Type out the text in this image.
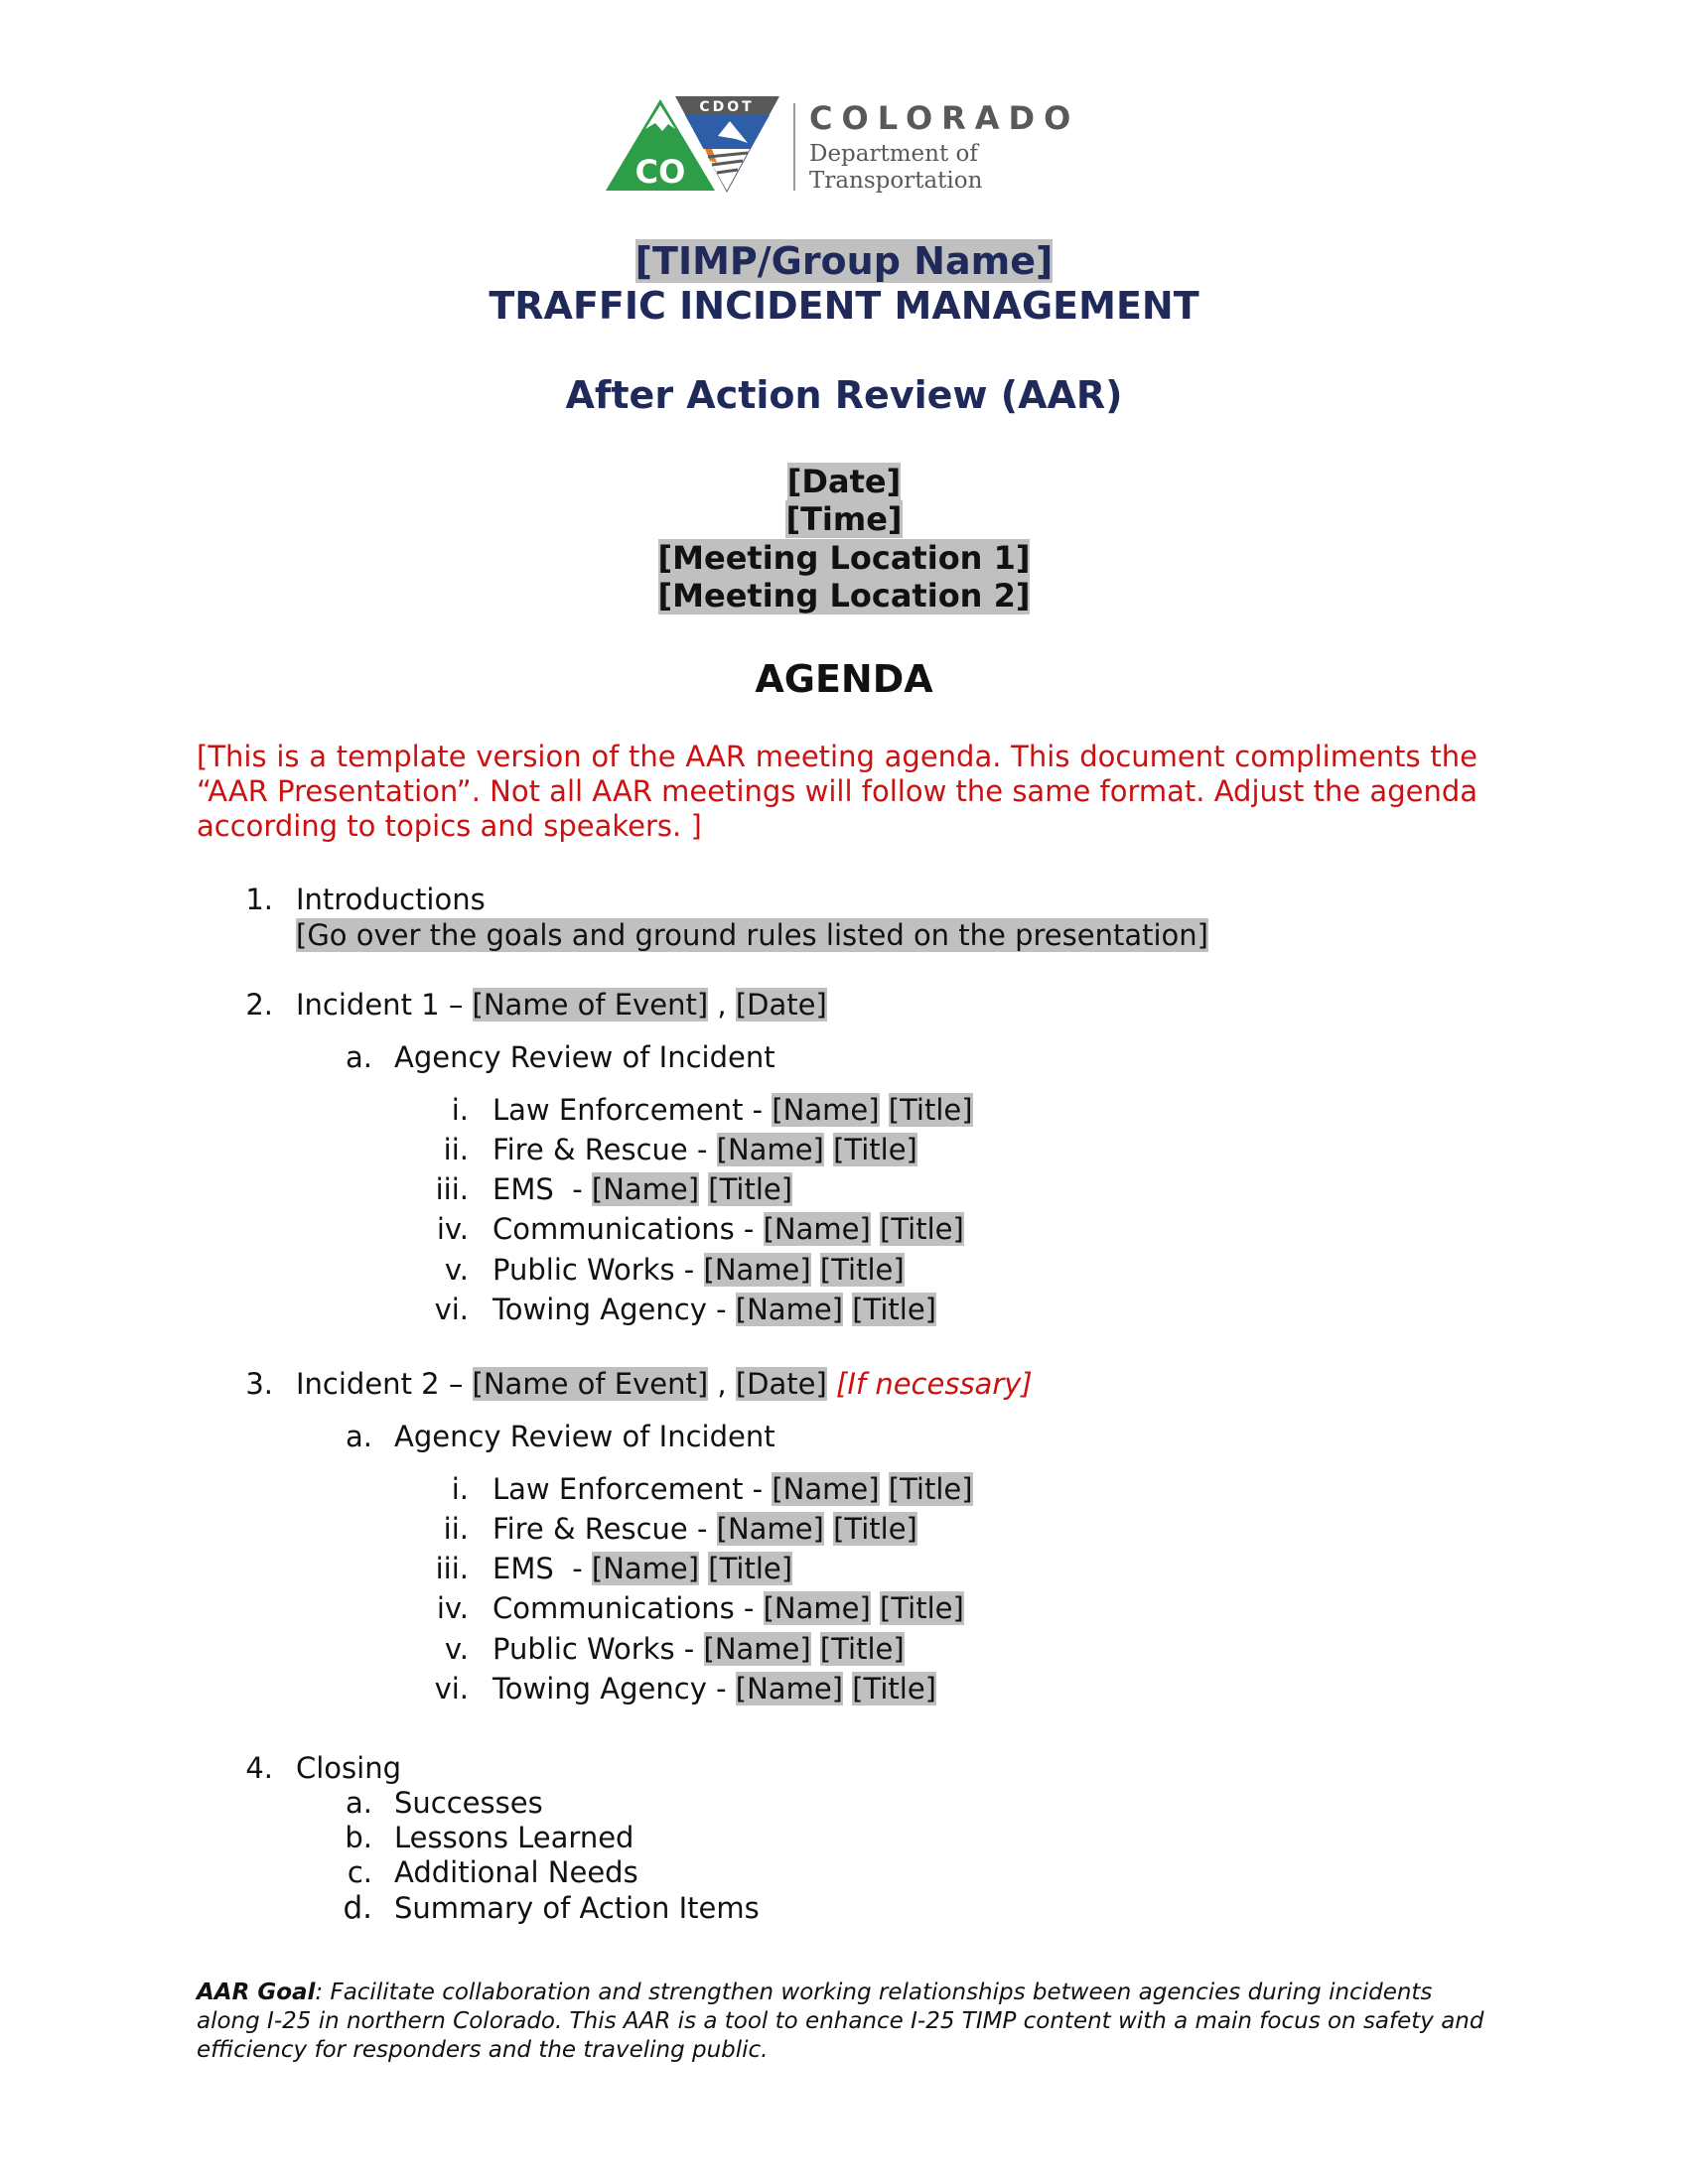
CO
CDOT COLORADO
Department of
Transportation
[TIMP/Group Name]
TRAFFIC INCIDENT MANAGEMENT
After Action Review (AAR)
[Date]
[Time]
[Meeting Location 1]
[Meeting Location 2]
AGENDA
[This is a template version of the AAR meeting agenda. This document compliments the “AAR Presentation”. Not all AAR meetings will follow the same format. Adjust the agenda according to topics and speakers. ]
1. Introductions
[Go over the goals and ground rules listed on the presentation]
2. Incident 1 – [Name of Event] , [Date]
a. Agency Review of Incident
i. Law Enforcement - [Name] [Title]
ii. Fire & Rescue - [Name] [Title]
iii. EMS  - [Name] [Title]
iv. Communications - [Name] [Title]
v. Public Works - [Name] [Title]
vi. Towing Agency - [Name] [Title]
3. Incident 2 – [Name of Event] , [Date] [If necessary]
a. Agency Review of Incident
i. Law Enforcement - [Name] [Title]
ii. Fire & Rescue - [Name] [Title]
iii. EMS  - [Name] [Title]
iv. Communications - [Name] [Title]
v. Public Works - [Name] [Title]
vi. Towing Agency - [Name] [Title]
4. Closing
a. Successes
b. Lessons Learned
c. Additional Needs
d. Summary of Action Items
AAR Goal: Facilitate collaboration and strengthen working relationships between agencies during incidents along I-25 in northern Colorado. This AAR is a tool to enhance I-25 TIMP content with a main focus on safety and efficiency for responders and the traveling public.
